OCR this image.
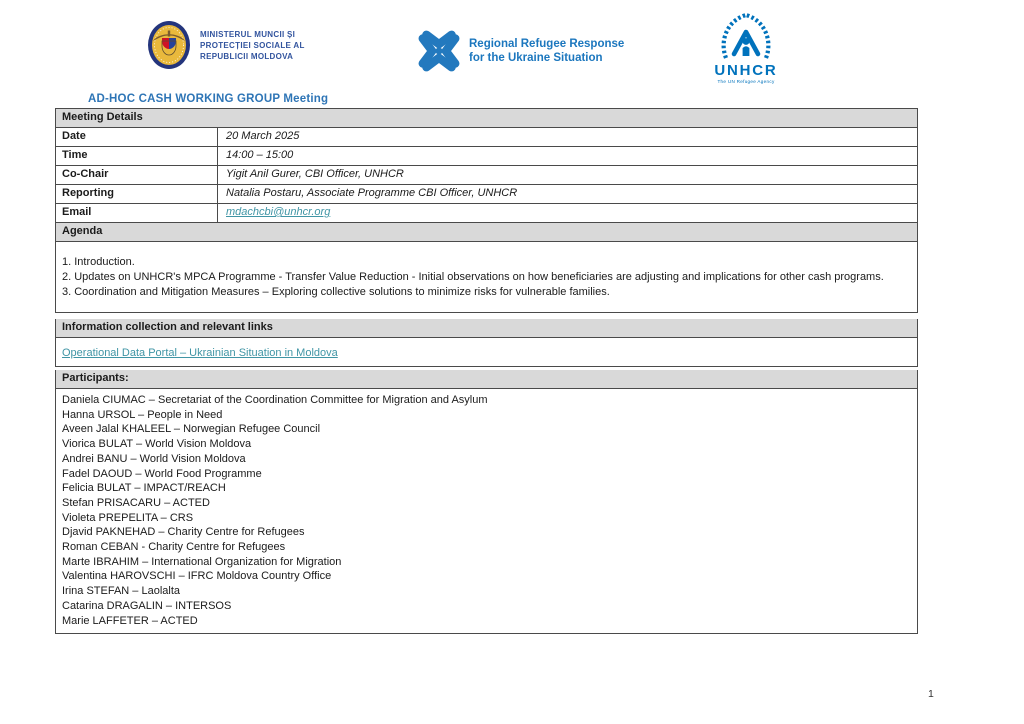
MINISTERUL MUNCII ȘI
PROTECȚIEI SOCIALE AL
REPUBLICII MOLDOVA
Regional Refugee Response
for the Ukraine Situation
UNHCR
The UN Refugee Agency
AD-HOC CASH WORKING GROUP Meeting
Meeting Details
Date	20 March 2025
Time	14:00 – 15:00
Co-Chair	Yigit Anil Gurer, CBI Officer, UNHCR
Reporting	Natalia Postaru, Associate Programme CBI Officer, UNHCR
Email	mdachcbi@unhcr.org
Agenda
1. Introduction.
2. Updates on UNHCR's MPCA Programme - Transfer Value Reduction - Initial observations on how beneficiaries are adjusting and implications for other cash programs.
3. Coordination and Mitigation Measures – Exploring collective solutions to minimize risks for vulnerable families.
Information collection and relevant links
Operational Data Portal – Ukrainian Situation in Moldova
Participants:
Daniela CIUMAC – Secretariat of the Coordination Committee for Migration and Asylum
Hanna URSOL – People in Need
Aveen Jalal KHALEEL – Norwegian Refugee Council
Viorica BULAT – World Vision Moldova
Andrei BANU – World Vision Moldova
Fadel DAOUD – World Food Programme
Felicia BULAT – IMPACT/REACH
Stefan PRISACARU – ACTED
Violeta PREPELITA – CRS
Djavid PAKNEHAD – Charity Centre for Refugees
Roman CEBAN - Charity Centre for Refugees
Marte IBRAHIM – International Organization for Migration
Valentina HAROVSCHI – IFRC Moldova Country Office
Irina STEFAN – Laolalta
Catarina DRAGALIN – INTERSOS
Marie LAFFETER – ACTED
1
